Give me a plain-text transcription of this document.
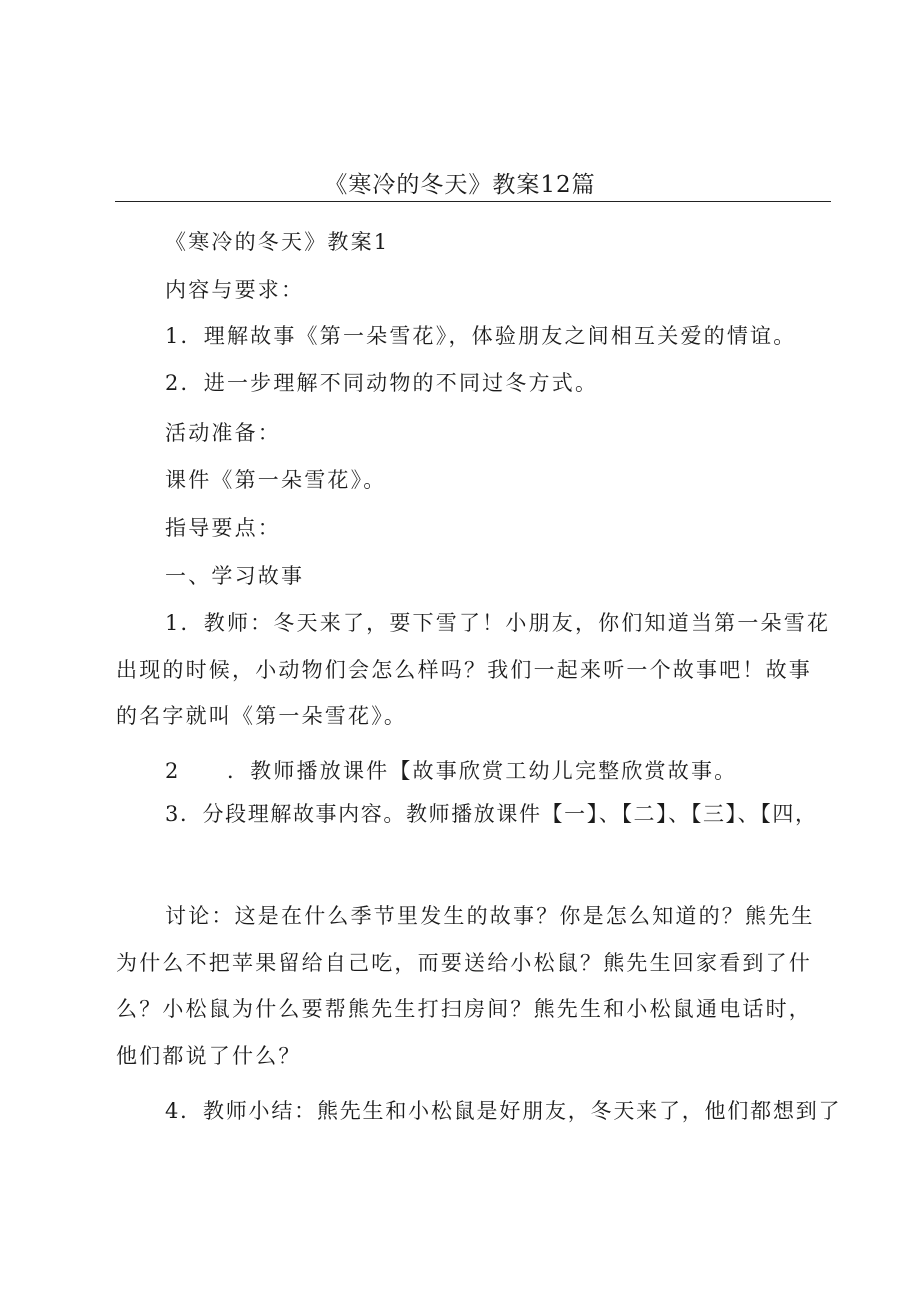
《寒冷的冬天》教案12篇
《寒冷的冬天》教案1
内容与要求：
1．理解故事《第一朵雪花》，体验朋友之间相互关爱的情谊。
2．进一步理解不同动物的不同过冬方式。
活动准备：
课件《第一朵雪花》。
指导要点：
一、学习故事
1．教师：冬天来了，要下雪了！小朋友，你们知道当第一朵雪花出现的时候，小动物们会怎么样吗？我们一起来听一个故事吧！故事的名字就叫《第一朵雪花》。
2　　．教师播放课件【故事欣赏工幼儿完整欣赏故事。
3．分段理解故事内容。教师播放课件【一】、【二】、【三】、【四，
讨论：这是在什么季节里发生的故事？你是怎么知道的？熊先生为什么不把苹果留给自己吃，而要送给小松鼠？熊先生回家看到了什么？小松鼠为什么要帮熊先生打扫房间？熊先生和小松鼠通电话时，他们都说了什么？
4．教师小结：熊先生和小松鼠是好朋友，冬天来了，他们都想到了
